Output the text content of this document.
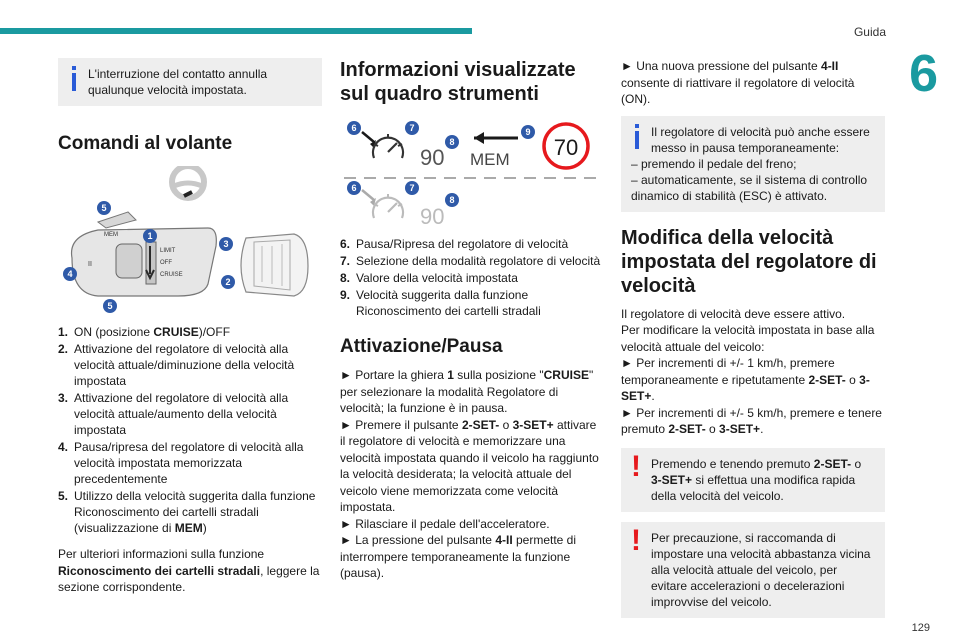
Guida
6
129

L'interruzione del contatto annulla qualunque velocità impostata.

Comandi al volante
MEM
LIMIT
OFF
CRUISE
II
1
2
3
4
5
5
1. ON (posizione CRUISE)/OFF
2. Attivazione del regolatore di velocità alla velocità attuale/diminuzione della velocità impostata
3. Attivazione del regolatore di velocità alla velocità attuale/aumento della velocità impostata
4. Pausa/ripresa del regolatore di velocità alla velocità impostata memorizzata precedentemente
5. Utilizzo della velocità suggerita dalla funzione Riconoscimento dei cartelli stradali (visualizzazione di MEM)

Per ulteriori informazioni sulla funzione Riconoscimento dei cartelli stradali, leggere la sezione corrispondente.

Informazioni visualizzate sul quadro strumenti
90 MEM 70
90
6	7
8
9
6	7
8
6. Pausa/Ripresa del regolatore di velocità
7. Selezione della modalità regolatore di velocità
8. Valore della velocità impostata
9. Velocità suggerita dalla funzione Riconoscimento dei cartelli stradali
Attivazione/Pausa

► Portare la ghiera 1 sulla posizione "CRUISE" per selezionare la modalità Regolatore di velocità; la funzione è in pausa.

► Premere il pulsante 2-SET- o 3-SET+ attivare il regolatore di velocità e memorizzare una velocità impostata quando il veicolo ha raggiunto la velocità desiderata; la velocità attuale del veicolo viene memorizzata come velocità impostata.

► Rilasciare il pedale dell'acceleratore.

► La pressione del pulsante 4-II permette di interrompere temporaneamente la funzione (pausa).

► Una nuova pressione del pulsante 4-II consente di riattivare il regolatore di velocità (ON).

Il regolatore di velocità può anche essere messo in pausa temporaneamente:

– premendo il pedale del freno;

– automaticamente, se il sistema di controllo dinamico di stabilità (ESC) è attivato.

Modifica della velocità impostata del regolatore di velocità

Il regolatore di velocità deve essere attivo.

Per modificare la velocità impostata in base alla velocità attuale del veicolo:

► Per incrementi di +/- 1 km/h, premere temporaneamente e ripetutamente 2-SET- o 3-SET+.

► Per incrementi di +/- 5 km/h, premere e tenere premuto 2-SET- o 3-SET+.

! Premendo e tenendo premuto 2-SET- o 3-SET+ si effettua una modifica rapida della velocità del veicolo.

! Per precauzione, si raccomanda di impostare una velocità abbastanza vicina alla velocità attuale del veicolo, per evitare accelerazioni o decelerazioni improvvise del veicolo.
